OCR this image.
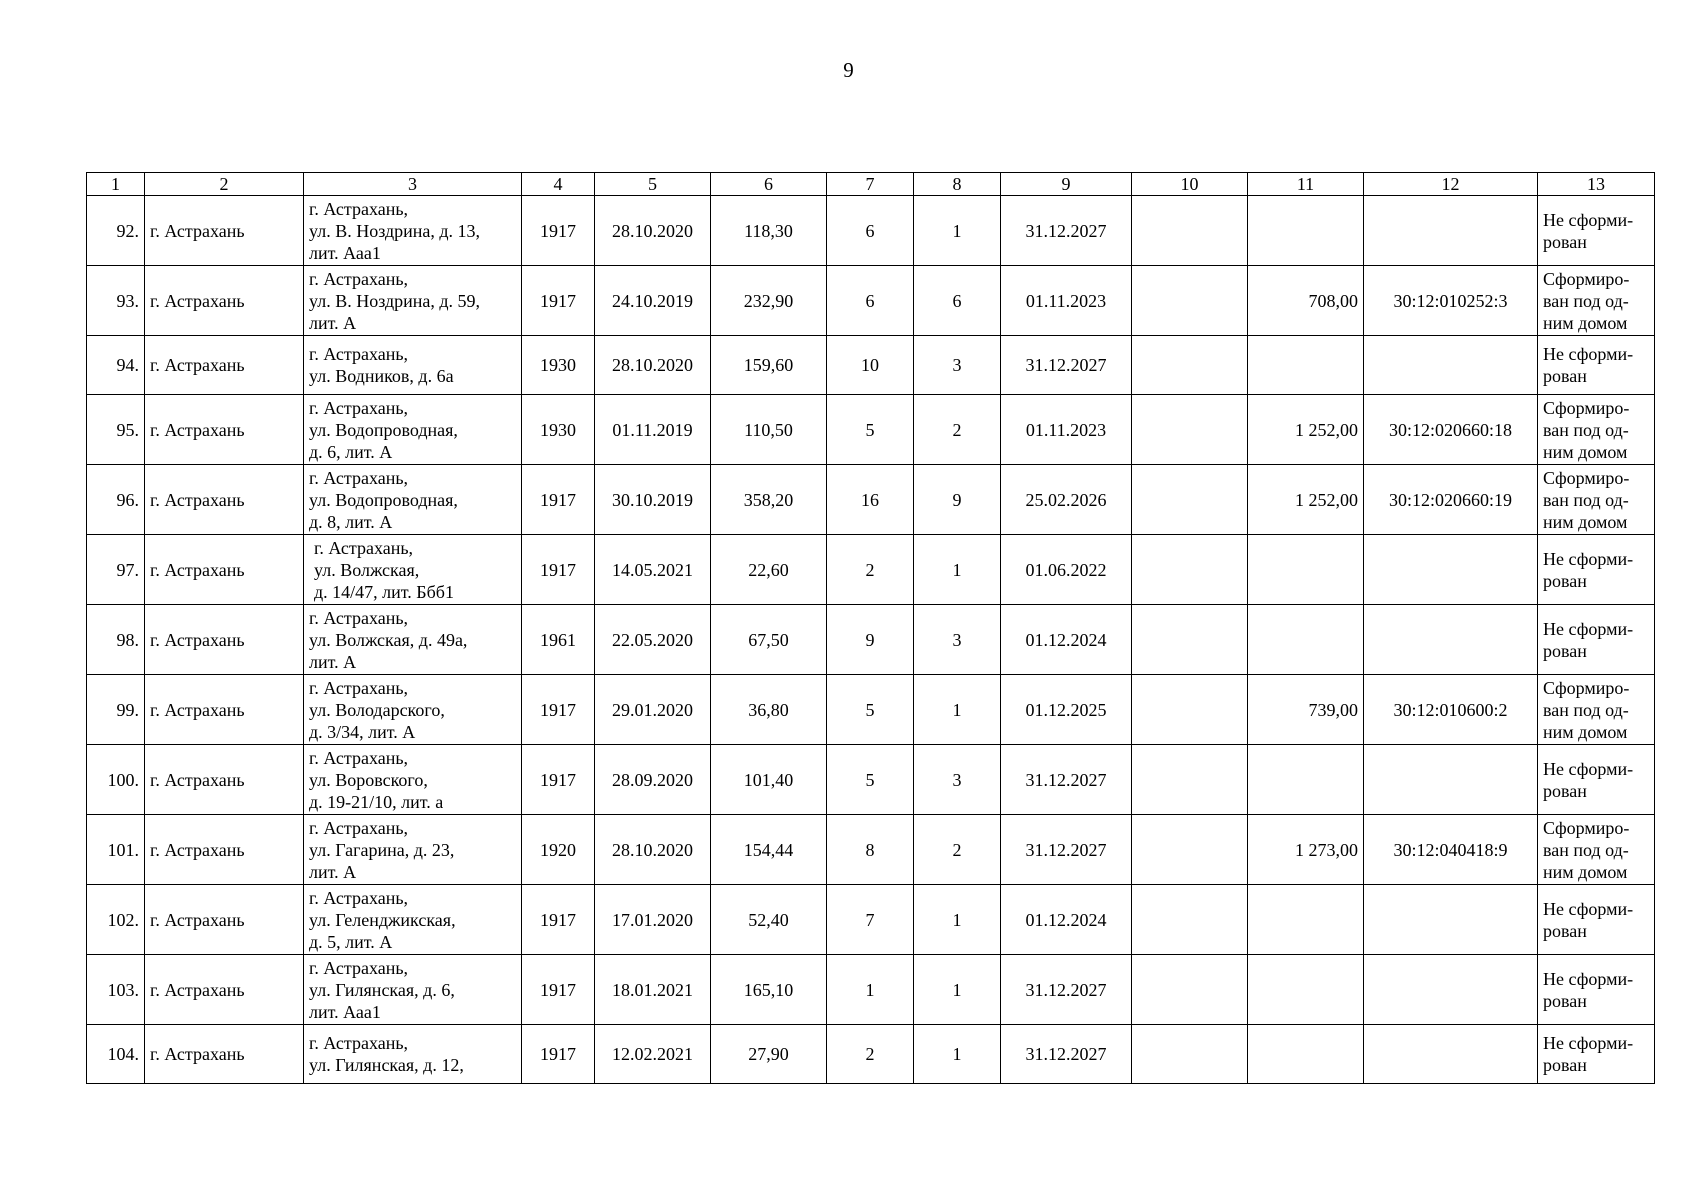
9
1	2	3	4	5	6	7	8	9	10	11	12	13
92.	г. Астрахань	г. Астрахань,
ул. В. Ноздрина, д. 13,
лит. Ааа1	1917	28.10.2020	118,30	6	1	31.12.2027				Не сформи-
рован
93.	г. Астрахань	г. Астрахань,
ул. В. Ноздрина, д. 59,
лит. А	1917	24.10.2019	232,90	6	6	01.11.2023		708,00	30:12:010252:3	Сформиро-
ван под од-
ним домом
94.	г. Астрахань	г. Астрахань,
ул. Водников, д. 6а	1930	28.10.2020	159,60	10	3	31.12.2027				Не сформи-
рован
95.	г. Астрахань	г. Астрахань,
ул. Водопроводная,
д. 6, лит. А	1930	01.11.2019	110,50	5	2	01.11.2023		1 252,00	30:12:020660:18	Сформиро-
ван под од-
ним домом
96.	г. Астрахань	г. Астрахань,
ул. Водопроводная,
д. 8, лит. А	1917	30.10.2019	358,20	16	9	25.02.2026		1 252,00	30:12:020660:19	Сформиро-
ван под од-
ним домом
97.	г. Астрахань	г. Астрахань,
ул. Волжская,
д. 14/47, лит. Ббб1	1917	14.05.2021	22,60	2	1	01.06.2022				Не сформи-
рован
98.	г. Астрахань	г. Астрахань,
ул. Волжская, д. 49а,
лит. А	1961	22.05.2020	67,50	9	3	01.12.2024				Не сформи-
рован
99.	г. Астрахань	г. Астрахань,
ул. Володарского,
д. 3/34, лит. А	1917	29.01.2020	36,80	5	1	01.12.2025		739,00	30:12:010600:2	Сформиро-
ван под од-
ним домом
100.	г. Астрахань	г. Астрахань,
ул. Воровского,
д. 19-21/10, лит. а	1917	28.09.2020	101,40	5	3	31.12.2027				Не сформи-
рован
101.	г. Астрахань	г. Астрахань,
ул. Гагарина, д. 23,
лит. А	1920	28.10.2020	154,44	8	2	31.12.2027		1 273,00	30:12:040418:9	Сформиро-
ван под од-
ним домом
102.	г. Астрахань	г. Астрахань,
ул. Геленджикская,
д. 5, лит. А	1917	17.01.2020	52,40	7	1	01.12.2024				Не сформи-
рован
103.	г. Астрахань	г. Астрахань,
ул. Гилянская, д. 6,
лит. Ааа1	1917	18.01.2021	165,10	1	1	31.12.2027				Не сформи-
рован
104.	г. Астрахань	г. Астрахань,
ул. Гилянская, д. 12,	1917	12.02.2021	27,90	2	1	31.12.2027				Не сформи-
рован
